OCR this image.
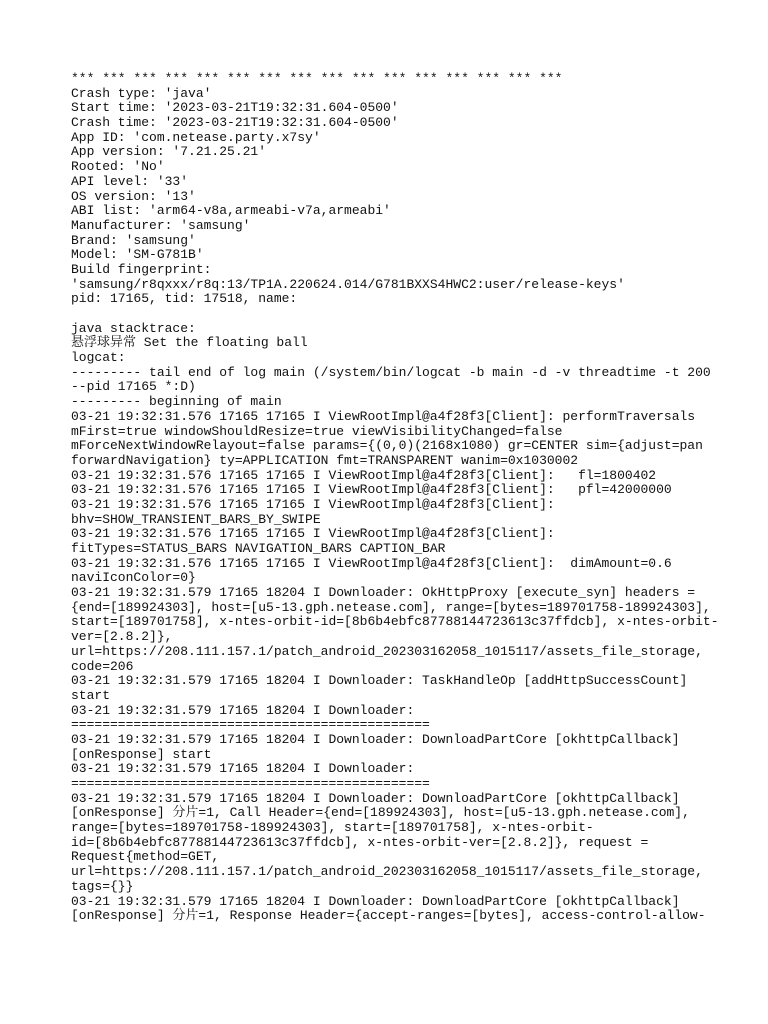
*** *** *** *** *** *** *** *** *** *** *** *** *** *** *** ***
Crash type: 'java'
Start time: '2023-03-21T19:32:31.604-0500'
Crash time: '2023-03-21T19:32:31.604-0500'
App ID: 'com.netease.party.x7sy'
App version: '7.21.25.21'
Rooted: 'No'
API level: '33'
OS version: '13'
ABI list: 'arm64-v8a,armeabi-v7a,armeabi'
Manufacturer: 'samsung'
Brand: 'samsung'
Model: 'SM-G781B'
Build fingerprint:
'samsung/r8qxxx/r8q:13/TP1A.220624.014/G781BXXS4HWC2:user/release-keys'
pid: 17165, tid: 17518, name:
java stacktrace:
悬浮球异常 Set the floating ball
logcat:
--------- tail end of log main (/system/bin/logcat -b main -d -v threadtime -t 200
--pid 17165 *:D)
--------- beginning of main
03-21 19:32:31.576 17165 17165 I ViewRootImpl@a4f28f3[Client]: performTraversals
mFirst=true windowShouldResize=true viewVisibilityChanged=false
mForceNextWindowRelayout=false params={(0,0)(2168x1080) gr=CENTER sim={adjust=pan
forwardNavigation} ty=APPLICATION fmt=TRANSPARENT wanim=0x1030002
03-21 19:32:31.576 17165 17165 I ViewRootImpl@a4f28f3[Client]:   fl=1800402
03-21 19:32:31.576 17165 17165 I ViewRootImpl@a4f28f3[Client]:   pfl=42000000
03-21 19:32:31.576 17165 17165 I ViewRootImpl@a4f28f3[Client]:
bhv=SHOW_TRANSIENT_BARS_BY_SWIPE
03-21 19:32:31.576 17165 17165 I ViewRootImpl@a4f28f3[Client]:
fitTypes=STATUS_BARS NAVIGATION_BARS CAPTION_BAR
03-21 19:32:31.576 17165 17165 I ViewRootImpl@a4f28f3[Client]:  dimAmount=0.6
naviIconColor=0}
03-21 19:32:31.579 17165 18204 I Downloader: OkHttpProxy [execute_syn] headers =
{end=[189924303], host=[u5-13.gph.netease.com], range=[bytes=189701758-189924303],
start=[189701758], x-ntes-orbit-id=[8b6b4ebfc87788144723613c37ffdcb], x-ntes-orbit-
ver=[2.8.2]},
url=https://208.111.157.1/patch_android_202303162058_1015117/assets_file_storage,
code=206
03-21 19:32:31.579 17165 18204 I Downloader: TaskHandleOp [addHttpSuccessCount]
start
03-21 19:32:31.579 17165 18204 I Downloader:
==============================================
03-21 19:32:31.579 17165 18204 I Downloader: DownloadPartCore [okhttpCallback]
[onResponse] start
03-21 19:32:31.579 17165 18204 I Downloader:
==============================================
03-21 19:32:31.579 17165 18204 I Downloader: DownloadPartCore [okhttpCallback]
[onResponse] 分片=1, Call Header={end=[189924303], host=[u5-13.gph.netease.com],
range=[bytes=189701758-189924303], start=[189701758], x-ntes-orbit-
id=[8b6b4ebfc87788144723613c37ffdcb], x-ntes-orbit-ver=[2.8.2]}, request =
Request{method=GET,
url=https://208.111.157.1/patch_android_202303162058_1015117/assets_file_storage,
tags={}}
03-21 19:32:31.579 17165 18204 I Downloader: DownloadPartCore [okhttpCallback]
[onResponse] 分片=1, Response Header={accept-ranges=[bytes], access-control-allow-
